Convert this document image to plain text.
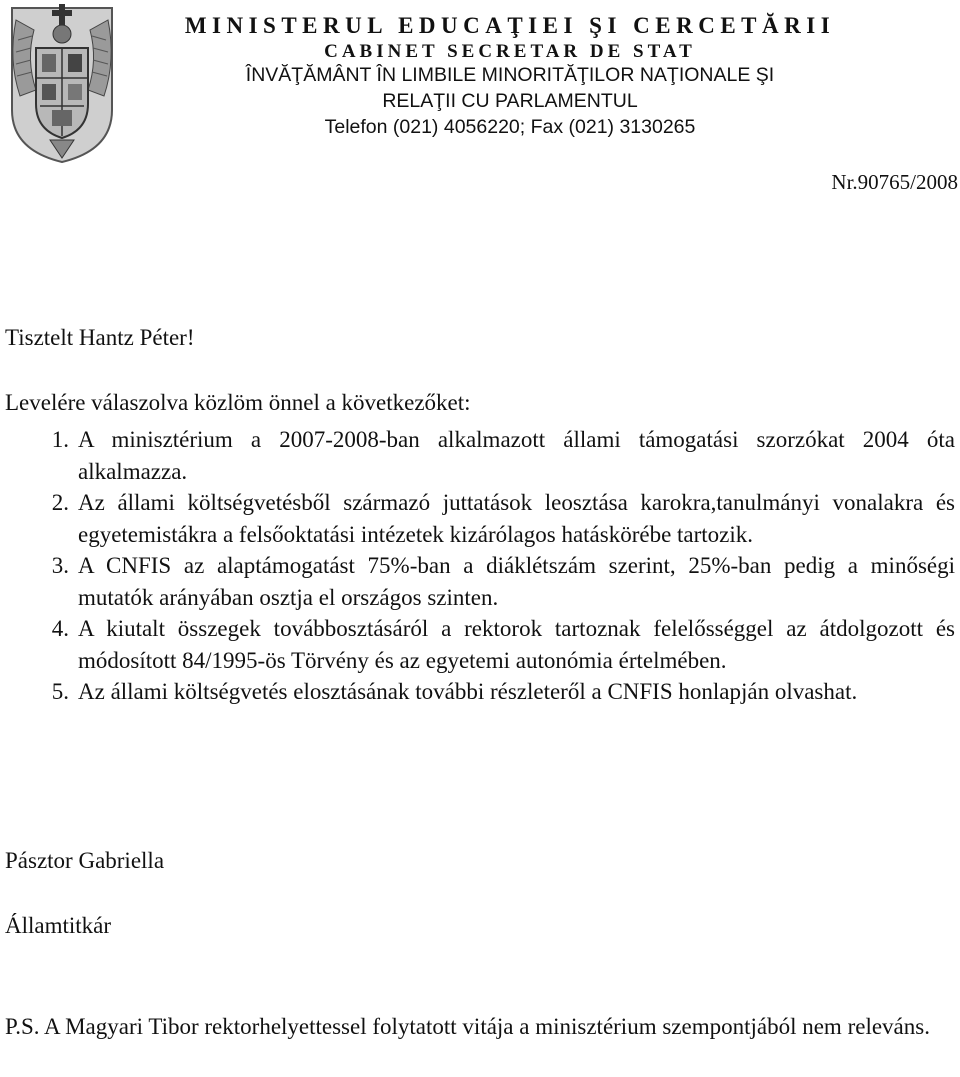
MINISTERUL EDUCAŢIEI ŞI CERCETĂRII
CABINET SECRETAR DE STAT
ÎNVĂŢĂMÂNT ÎN LIMBILE MINORITĂŢILOR NAŢIONALE ŞI
RELAŢII CU PARLAMENTUL
Telefon (021) 4056220; Fax (021) 3130265
Nr.90765/2008
Tisztelt Hantz Péter!
Levelére válaszolva közlöm önnel a következőket:
1. A minisztérium a 2007-2008-ban alkalmazott állami támogatási szorzókat 2004 óta alkalmazza.
2. Az állami költségvetésből származó juttatások leosztása karokra,tanulmányi vonalakra és egyetemistákra a felsőoktatási intézetek kizárólagos hatáskörébe tartozik.
3. A CNFIS az alaptámogatást 75%-ban a diáklétszám szerint, 25%-ban pedig a minőségi mutatók arányában osztja el országos szinten.
4. A kiutalt összegek továbbosztásáról a rektorok tartoznak felelősséggel az átdolgozott és módosított 84/1995-ös Törvény és az egyetemi autonómia értelmében.
5. Az állami költségvetés elosztásának további részleteről a CNFIS honlapján olvashat.
Pásztor Gabriella
Államtitkár
P.S. A Magyari Tibor rektorhelyettessel folytatott vitája a minisztérium szempontjából nem releváns.
